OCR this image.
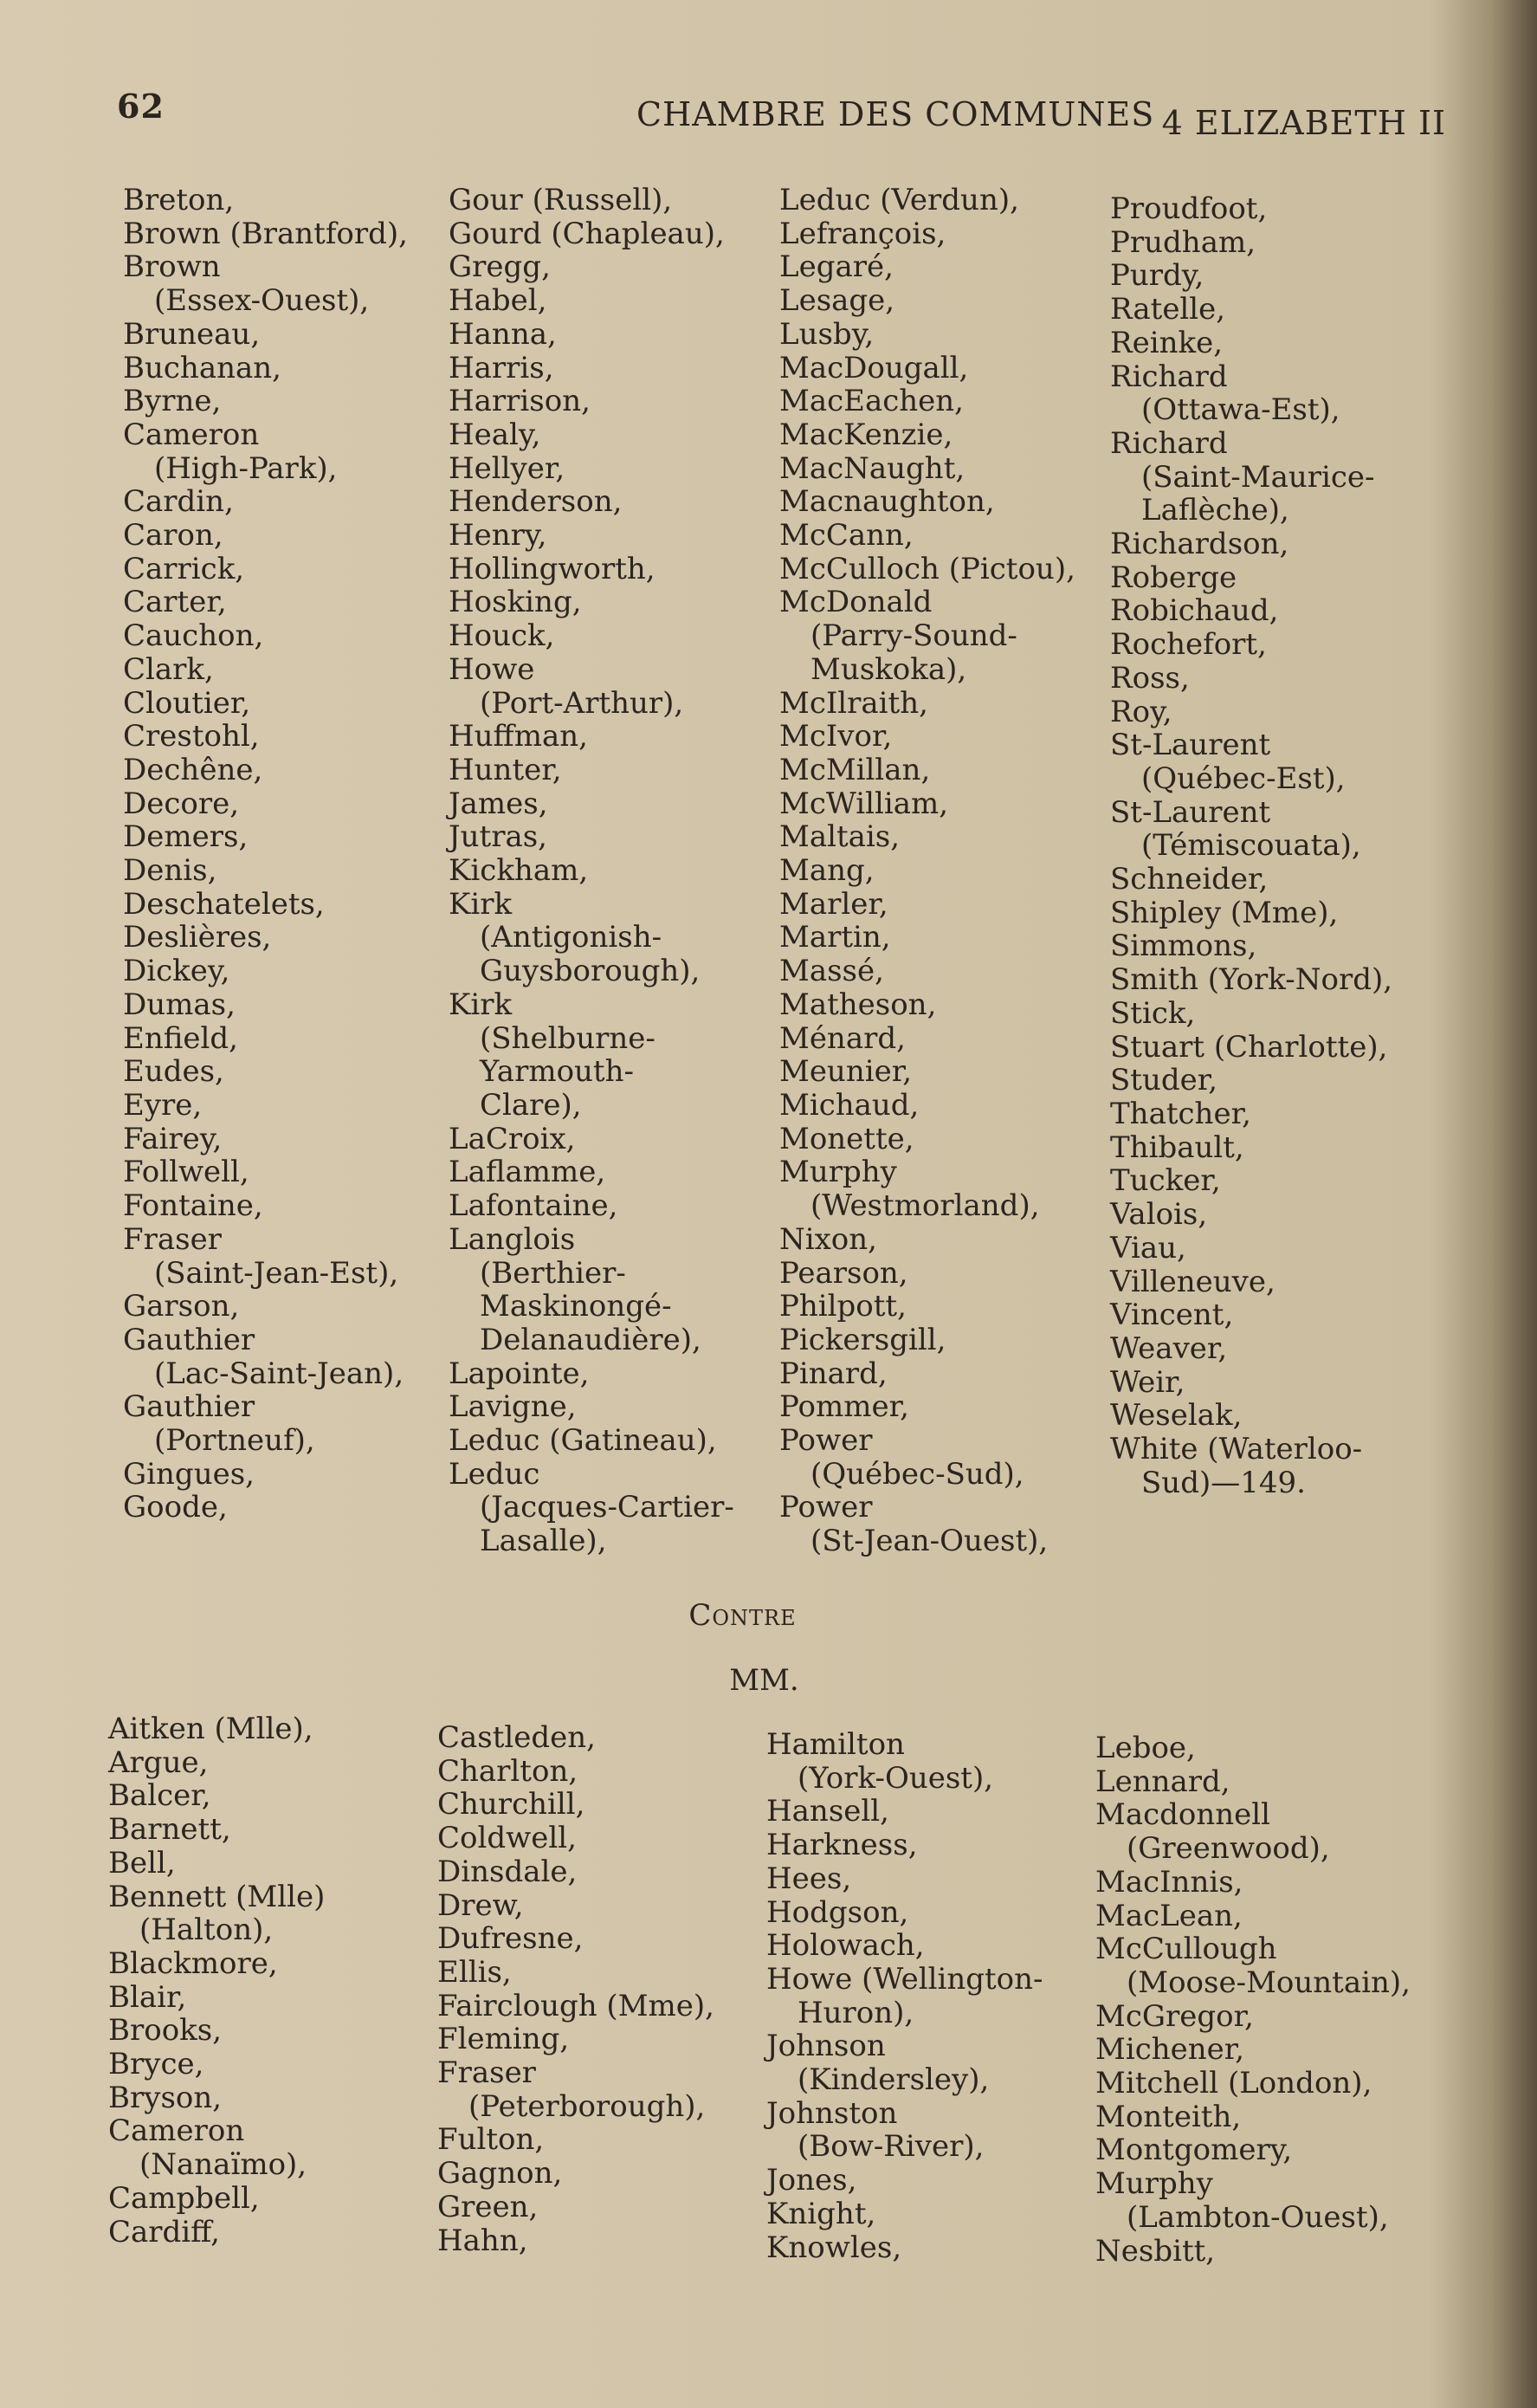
62	CHAMBRE DES COMMUNES 4 ELIZABETH II
Breton,
Brown (Brantford),
Brown
(Essex-Ouest),
Bruneau,
Buchanan,
Byrne,
Cameron
(High-Park),
Cardin,
Caron,
Carrick,
Carter,
Cauchon,
Clark,
Cloutier,
Crestohl,
Dechêne,
Decore,
Demers,
Denis,
Deschatelets,
Deslières,
Dickey,
Dumas,
Enfield,
Eudes,
Eyre,
Fairey,
Follwell,
Fontaine,
Fraser
(Saint-Jean-Est),
Garson,
Gauthier
(Lac-Saint-Jean),
Gauthier
(Portneuf),
Gingues,
Goode,
Gour (Russell),
Gourd (Chapleau),
Gregg,
Habel,
Hanna,
Harris,
Harrison,
Healy,
Hellyer,
Henderson,
Henry,
Hollingworth,
Hosking,
Houck,
Howe
(Port-Arthur),
Huffman,
Hunter,
James,
Jutras,
Kickham,
Kirk
(Antigonish-
Guysborough),
Kirk
(Shelburne-
Yarmouth-
Clare),
LaCroix,
Laflamme,
Lafontaine,
Langlois
(Berthier-
Maskinongé-
Delanaudière),
Lapointe,
Lavigne,
Leduc (Gatineau),
Leduc
(Jacques-Cartier-
Lasalle),
Leduc (Verdun),
Lefrançois,
Legaré,
Lesage,
Lusby,
MacDougall,
MacEachen,
MacKenzie,
MacNaught,
Macnaughton,
McCann,
McCulloch (Pictou),
McDonald
(Parry-Sound-
Muskoka),
McIlraith,
McIvor,
McMillan,
McWilliam,
Maltais,
Mang,
Marler,
Martin,
Massé,
Matheson,
Ménard,
Meunier,
Michaud,
Monette,
Murphy
(Westmorland),
Nixon,
Pearson,
Philpott,
Pickersgill,
Pinard,
Pommer,
Power
(Québec-Sud),
Power
(St-Jean-Ouest),
Proudfoot,
Prudham,
Purdy,
Ratelle,
Reinke,
Richard
(Ottawa-Est),
Richard
(Saint-Maurice-
Laflèche),
Richardson,
Roberge
Robichaud,
Rochefort,
Ross,
Roy,
St-Laurent
(Québec-Est),
St-Laurent
(Témiscouata),
Schneider,
Shipley (Mme),
Simmons,
Smith (York-Nord),
Stick,
Stuart (Charlotte),
Studer,
Thatcher,
Thibault,
Tucker,
Valois,
Viau,
Villeneuve,
Vincent,
Weaver,
Weir,
Weselak,
White (Waterloo-
Sud)—149.
Contre
MM.
Aitken (Mlle),
Argue,
Balcer,
Barnett,
Bell,
Bennett (Mlle)
(Halton),
Blackmore,
Blair,
Brooks,
Bryce,
Bryson,
Cameron
(Nanaïmo),
Campbell,
Cardiff,
Castleden,
Charlton,
Churchill,
Coldwell,
Dinsdale,
Drew,
Dufresne,
Ellis,
Fairclough (Mme),
Fleming,
Fraser
(Peterborough),
Fulton,
Gagnon,
Green,
Hahn,
Hamilton
(York-Ouest),
Hansell,
Harkness,
Hees,
Hodgson,
Holowach,
Howe (Wellington-
Huron),
Johnson
(Kindersley),
Johnston
(Bow-River),
Jones,
Knight,
Knowles,
Leboe,
Lennard,
Macdonnell
(Greenwood),
MacInnis,
MacLean,
McCullough
(Moose-Mountain),
McGregor,
Michener,
Mitchell (London),
Monteith,
Montgomery,
Murphy
(Lambton-Ouest),
Nesbitt,
